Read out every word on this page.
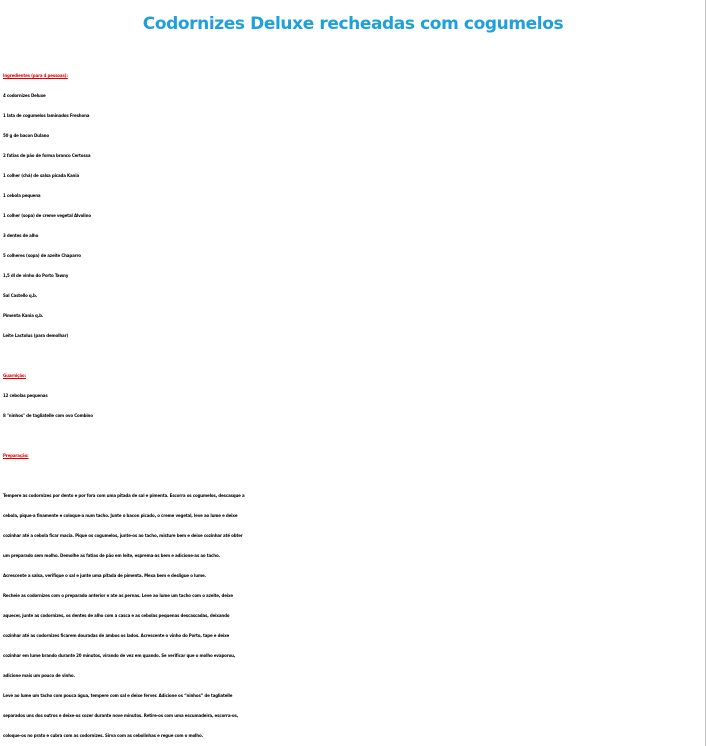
Codornizes Deluxe recheadas com cogumelos
Ingredientes (para 4 pessoas):
4 codornizes Deluxe
1 lata de cogumelos laminados Freshona
50 g de bacon Dulano
2 fatias de pão de forma branco Certossa
1 colher (chá) de salsa picada Kania
1 cebola pequena
1 colher (sopa) de creme vegetal Alvolino
3 dentes de alho
5 colheres (sopa) de azeite Chaparro
1,5 dl de vinho do Porto Tawny
Sal Castello q.b.
Pimenta Kania q.b.
Leite Lactolus (para demolhar)
Guarnição:
12 cebolas pequenas
8 "ninhos" de tagliatelle com ovo Combino
Preparação:
Tempere as codornizes por dento e por fora com uma pitada de sal e pimenta. Escorra os cogumelos, descasque a
cebola, pique-a finamente e coloque-a num tacho. Junte o bacon picado, o creme vegetal, leve ao lume e deixe
cozinhar até a cebola ficar macia. Pique os cogumelos, junte-os ao tacho, misture bem e deixe cozinhar até obter
um preparado sem molho. Demolhe as fatias de pão em leite, esprema-as bem e adicione-as ao tacho.
Acrescente a salsa, verifique o sal e junte uma pitada de pimenta. Mexa bem e desligue o lume.
Recheie as codornizes com o preparado anterior e ate as pernas. Leve ao lume um tacho com o azeite, deixe
aquecer, junte as codornizes, os dentes de alho com a casca e as cebolas pequenas descascadas, deixando
cozinhar até as codornizes ficarem douradas de ambos os lados. Acrescente o vinho do Porto, tape e deixe
cozinhar em lume brando durante 20 minutos, virando de vez em quando. Se verificar que o molho evaporou,
adicione mais um pouco de vinho.
Leve ao lume um tacho com pouca água, tempere com sal e deixe ferver. Adicione os “ninhos” de tagliatelle
separados uns dos outros e deixe-os cozer durante nove minutos. Retire-os com uma escumadeira, escorra-os,
coloque-os no prato e cubra com as codornizes. Sirva com as cebolinhas e regue com o molho.
